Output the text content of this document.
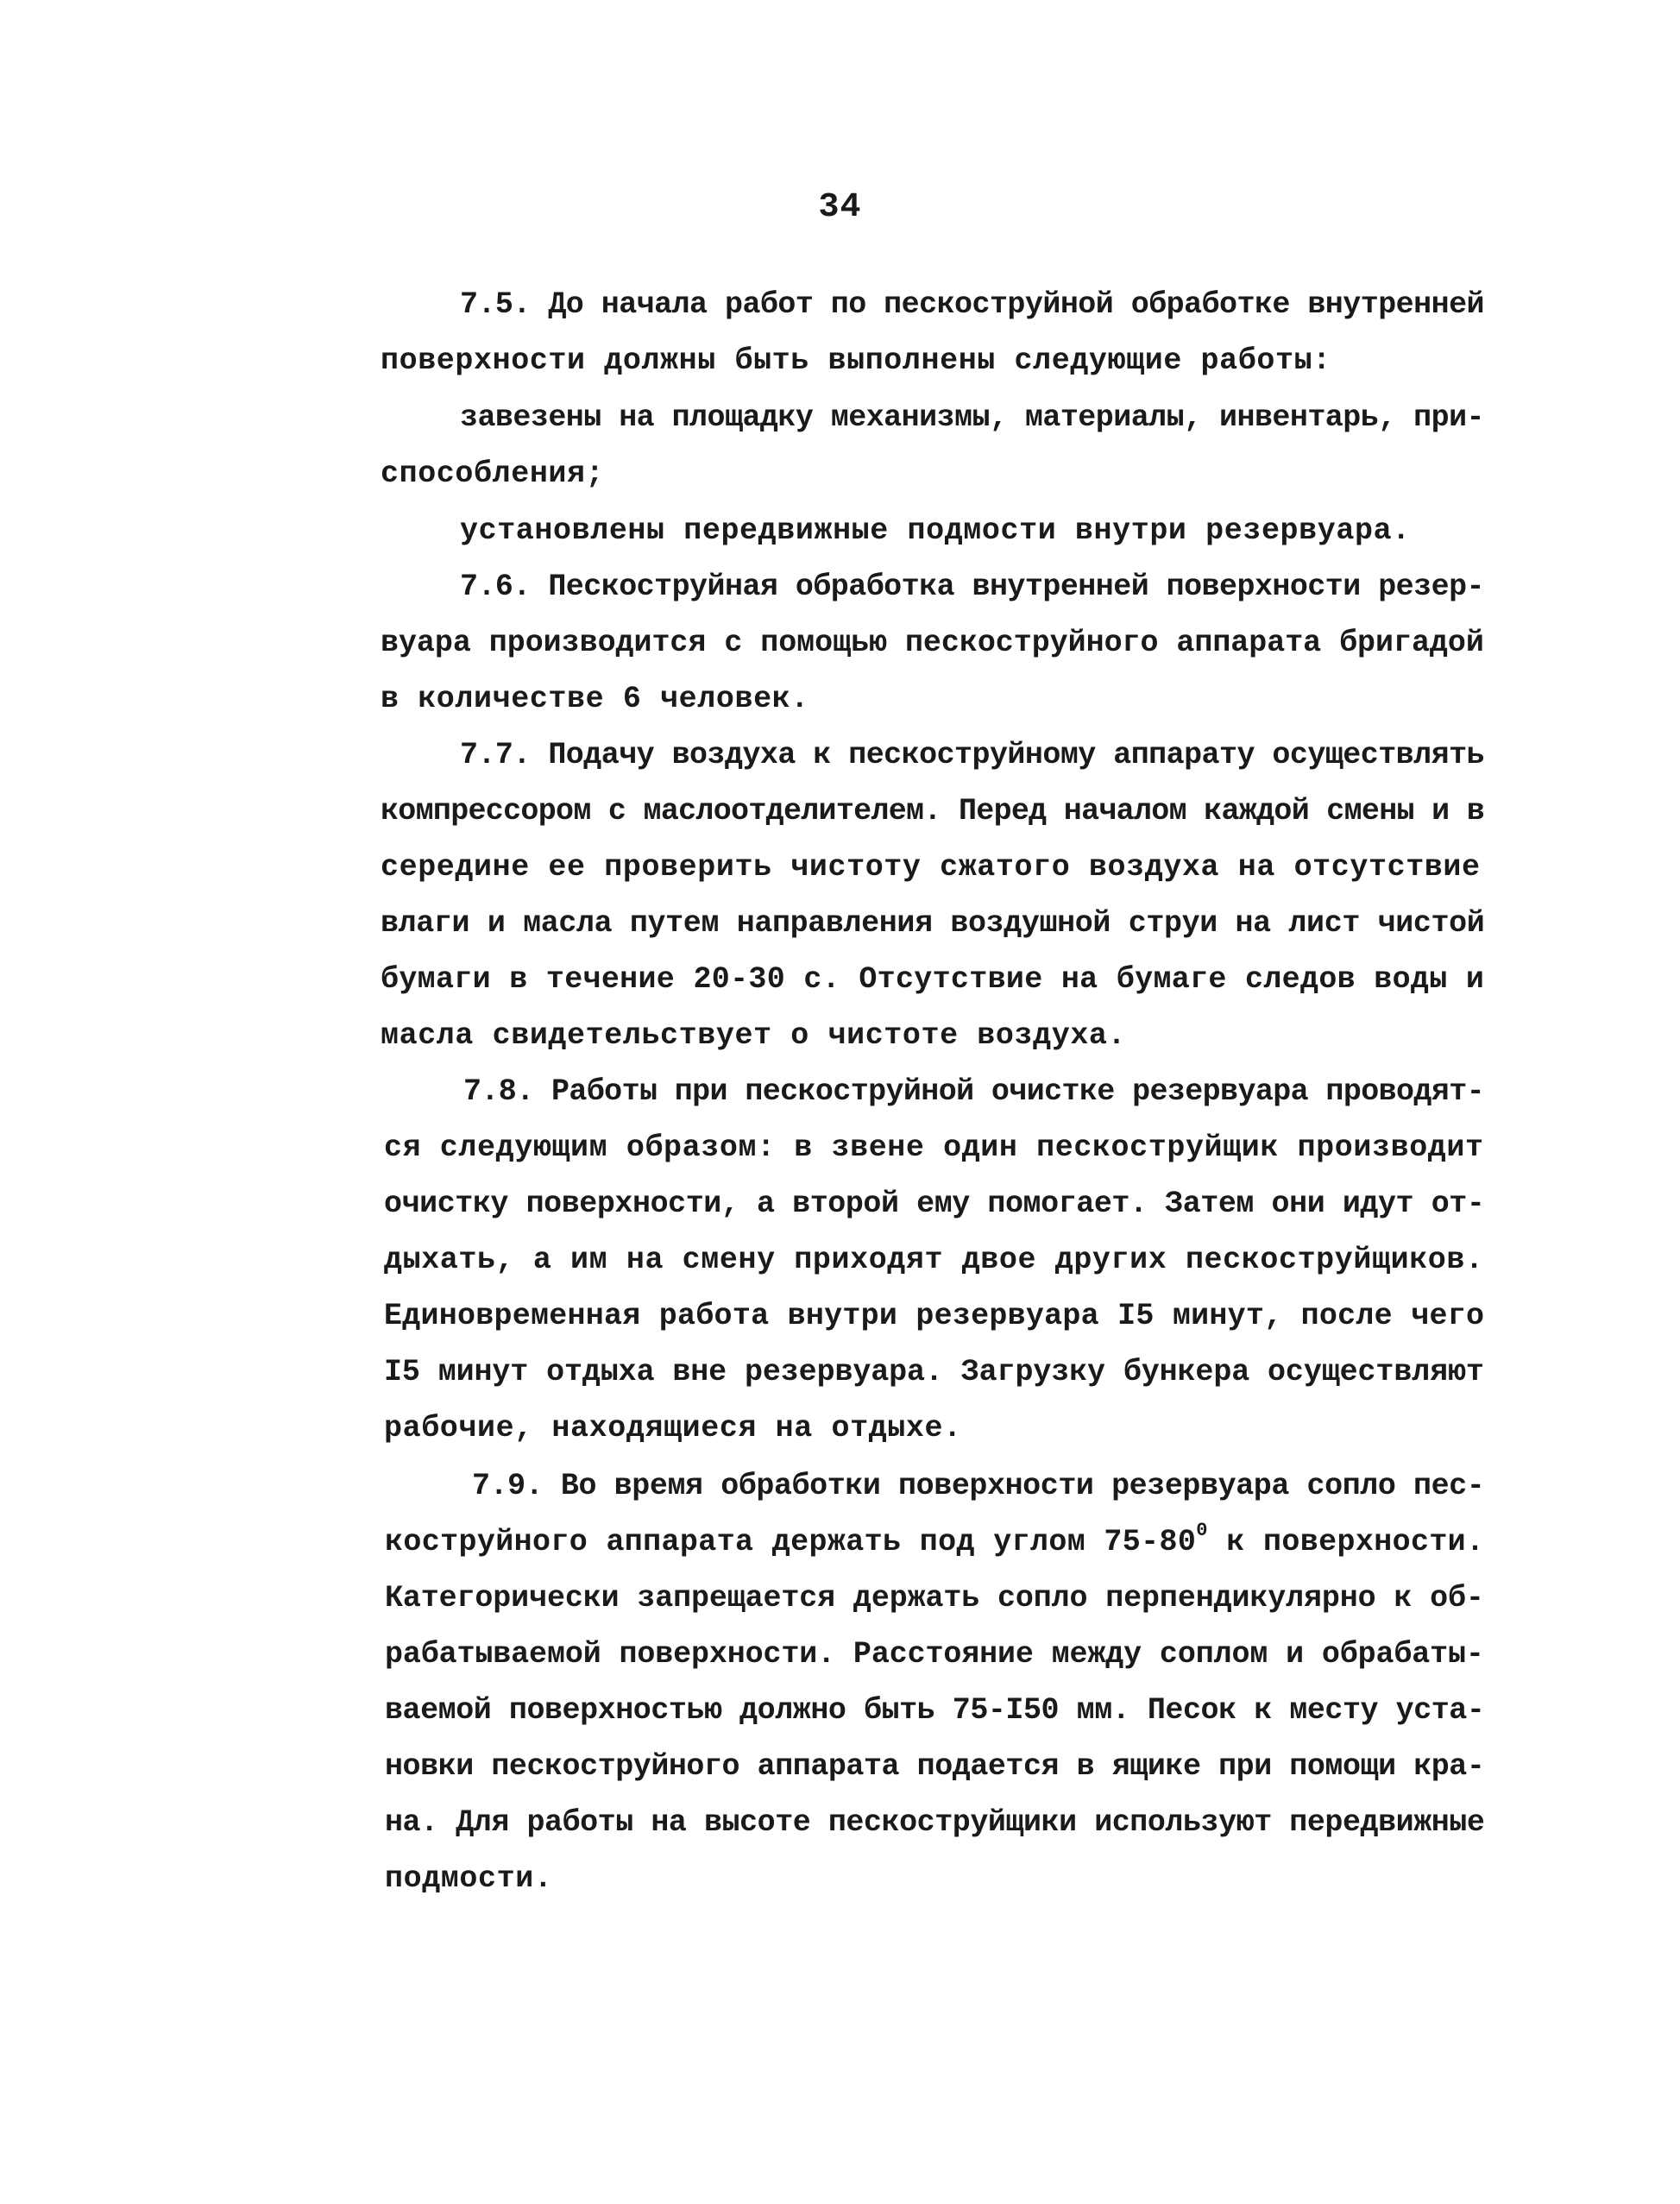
34
7.5. До начала работ по пескоструйной обработке внутренней
поверхности должны быть выполнены следующие работы:
завезены на площадку механизмы, материалы, инвентарь, при-
способления;
установлены передвижные подмости внутри резервуара.
7.6. Пескоструйная обработка внутренней поверхности резер-
вуара производится с помощью пескоструйного аппарата бригадой
в количестве 6 человек.
7.7. Подачу воздуха к пескоструйному аппарату осуществлять
компрессором с маслоотделителем. Перед началом каждой смены и в
середине ее проверить чистоту сжатого воздуха на отсутствие
влаги и масла путем направления воздушной струи на лист чистой
бумаги в течение 20-30 с. Отсутствие на бумаге следов воды и
масла свидетельствует о чистоте воздуха.
7.8. Работы при пескоструйной очистке резервуара проводят-
ся следующим образом: в звене один пескоструйщик производит
очистку поверхности, а второй ему помогает. Затем они идут от-
дыхать, а им на смену приходят двое других пескоструйщиков.
Единовременная работа внутри резервуара I5 минут, после чего
I5 минут отдыха вне резервуара. Загрузку бункера осуществляют
рабочие, находящиеся на отдыхе.
7.9. Во время обработки поверхности резервуара сопло пес-
коструйного аппарата держать под углом $75-80^0$ к поверхности.
Категорически запрещается держать сопло перпендикулярно к об-
рабатываемой поверхности. Расстояние между соплом и обрабаты-
ваемой поверхностью должно быть 75-I50 мм. Песок к месту уста-
новки пескоструйного аппарата подается в ящике при помощи кра-
на. Для работы на высоте пескоструйщики используют передвижные
подмости.
